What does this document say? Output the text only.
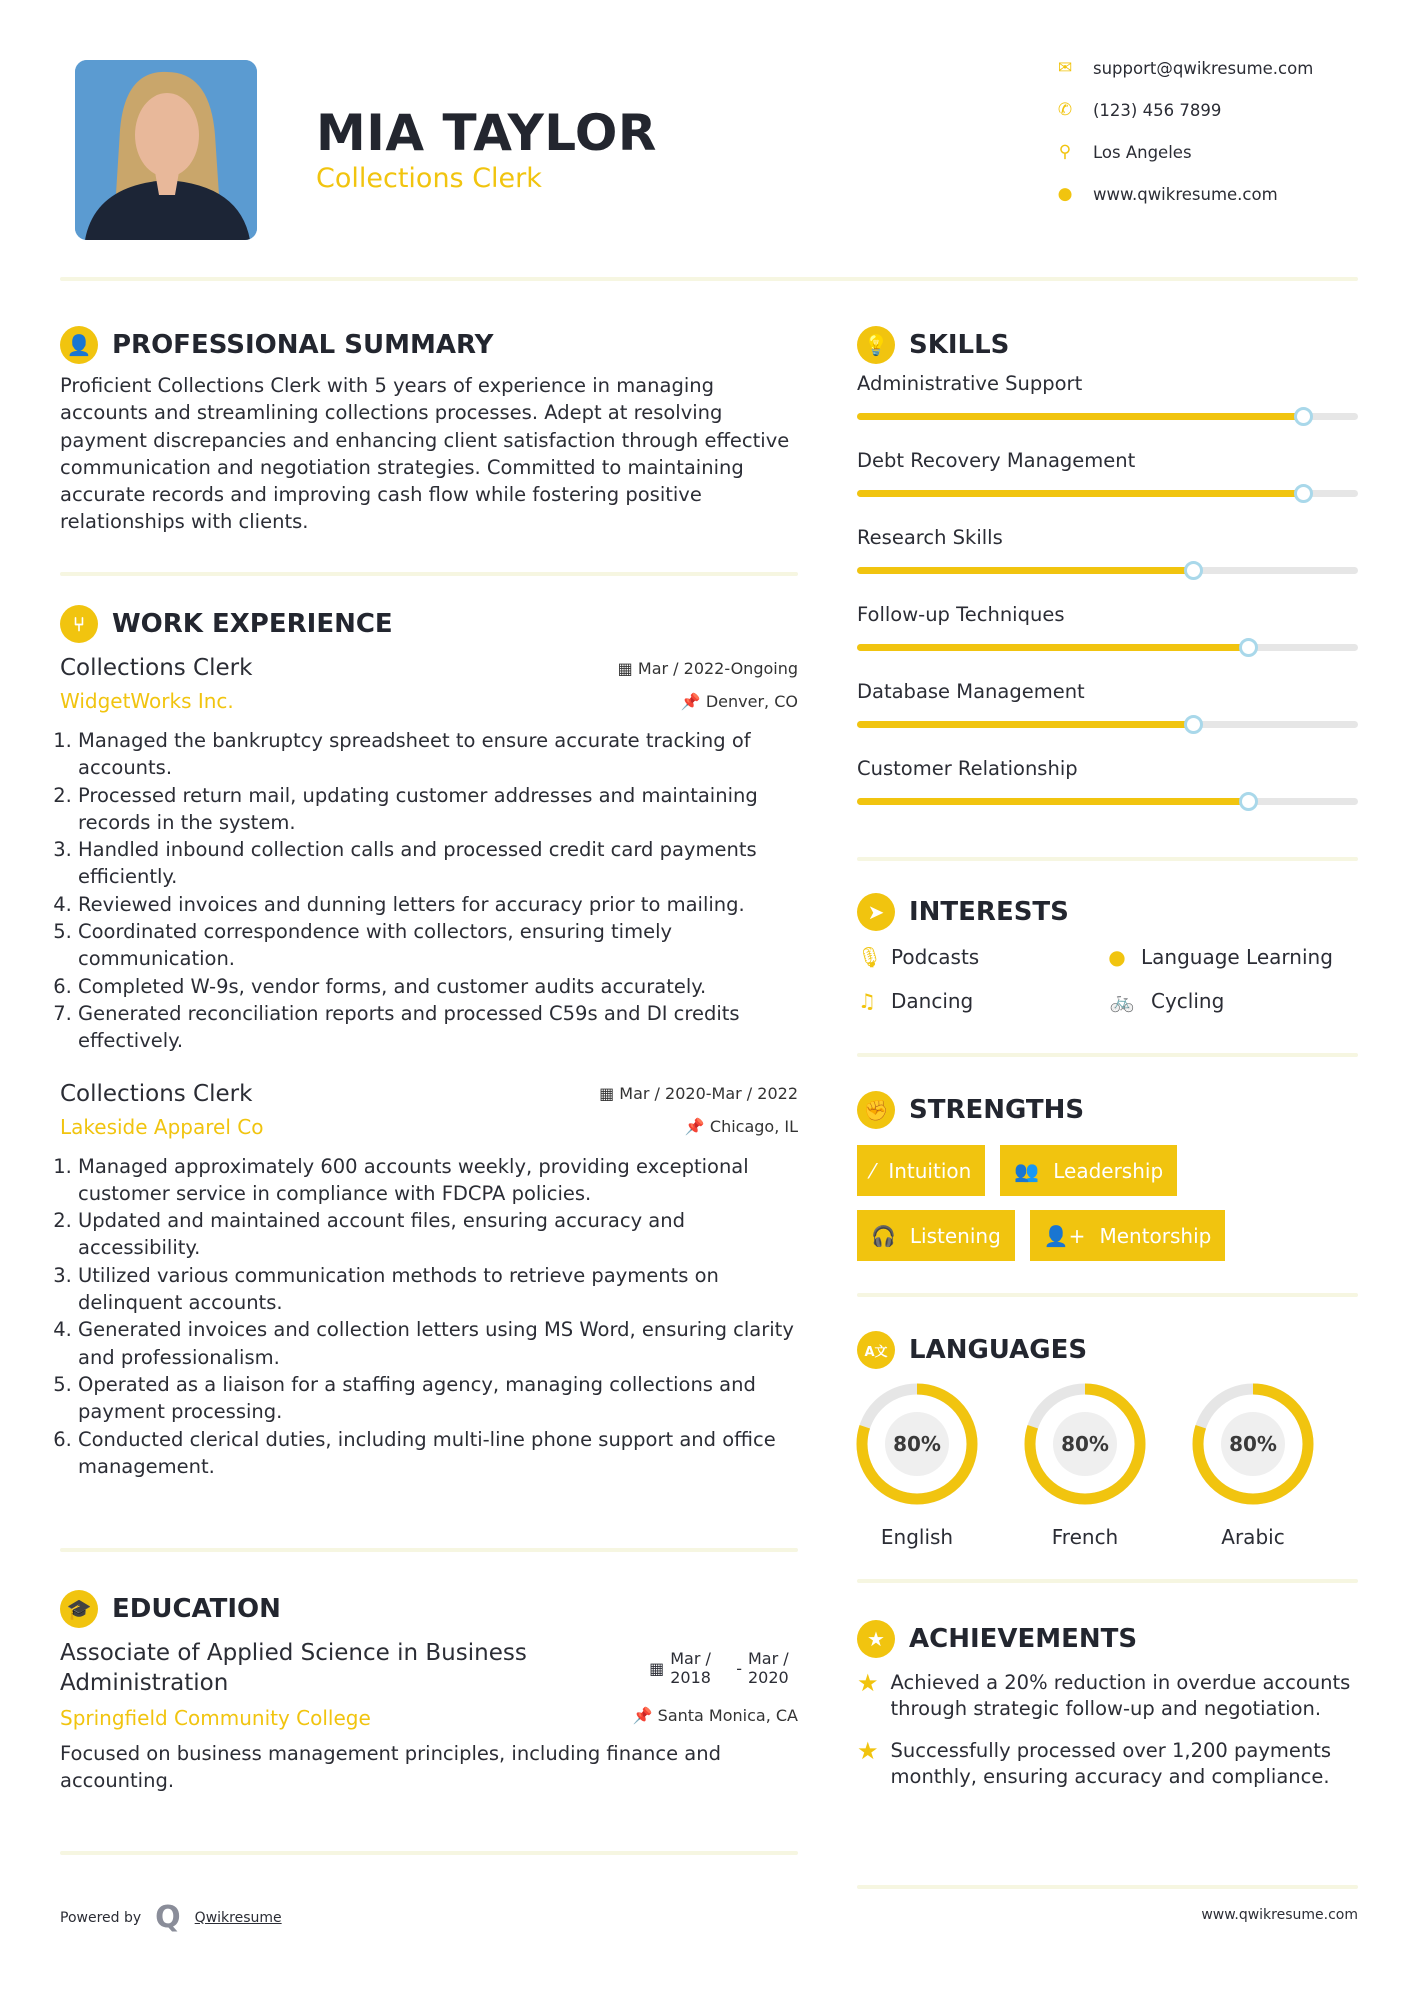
MIA TAYLOR
Collections Clerk
✉ support@qwikresume.com
✆ (123) 456 7899
⚲ Los Angeles
● www.qwikresume.com
👤 PROFESSIONAL SUMMARY

Proficient Collections Clerk with 5 years of experience in managing accounts and streamlining collections processes. Adept at resolving payment discrepancies and enhancing client satisfaction through effective communication and negotiation strategies. Committed to maintaining accurate records and improving cash flow while fostering positive relationships with clients.

⑂	WORK EXPERIENCE
Collections Clerk	▦ Mar / 2022-Ongoing
WidgetWorks Inc.	📌 Denver, CO
1. Managed the bankruptcy spreadsheet to ensure accurate tracking of accounts.
2. Processed return mail, updating customer addresses and maintaining records in the system.
3. Handled inbound collection calls and processed credit card payments efficiently.
4. Reviewed invoices and dunning letters for accuracy prior to mailing.
5. Coordinated correspondence with collectors, ensuring timely communication.
6. Completed W-9s, vendor forms, and customer audits accurately.
7. Generated reconciliation reports and processed C59s and DI credits effectively.
Collections Clerk	▦ Mar / 2020-Mar / 2022
Lakeside Apparel Co	📌 Chicago, IL
1. Managed approximately 600 accounts weekly, providing exceptional customer service in compliance with FDCPA policies.
2. Updated and maintained account files, ensuring accuracy and accessibility.
3. Utilized various communication methods to retrieve payments on delinquent accounts.
4. Generated invoices and collection letters using MS Word, ensuring clarity and professionalism.
5. Operated as a liaison for a staffing agency, managing collections and payment processing.
6. Conducted clerical duties, including multi-line phone support and office management.
🎓 EDUCATION
Associate of Applied Science in Business Administration
▦ Mar / 2018	- Mar / 2020
Springfield Community College	📌 Santa Monica, CA

Focused on business management principles, including finance and accounting.

💡 SKILLS
Administrative Support
Debt Recovery Management
Research Skills
Follow-up Techniques
Database Management
Customer Relationship
➤ INTERESTS
🎙 Podcasts	● Language Learning
♫ Dancing	🚲 Cycling
✊ STRENGTHS
⁄ Intuition 👥 Leadership
🎧 Listening 👤+ Mentorship
A文 LANGUAGES
80%
English
80%
French
80%
Arabic
★ ACHIEVEMENTS
★ Achieved a 20% reduction in overdue accounts through strategic follow-up and negotiation.
★ Successfully processed over 1,200 payments monthly, ensuring accuracy and compliance.
Powered by Q Qwikresume	www.qwikresume.com
